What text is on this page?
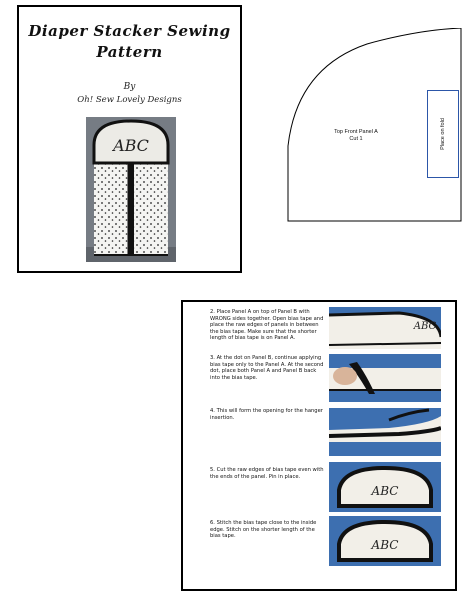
Diaper Stacker Sewing
Pattern
By
Oh! Sew Lovely Designs
ABC
Top Front Panel A
Cut 1	Place on fold
2. Place Panel A on top of Panel B with WRONG sides together. Open bias tape and place the raw edges of panels in between the bias tape. Make sure that the shorter length of bias tape is on Panel A.
ABC
3. At the dot on Panel B, continue applying bias tape only to the Panel A. At the second dot, place both Panel A and Panel B back into the bias tape.
4. This will form the opening for the hanger insertion.
5. Cut the raw edges of bias tape even with the ends of the panel. Pin in place.
ABC
6. Stitch the bias tape close to the inside edge. Stitch on the shorter length of the bias tape.
ABC
